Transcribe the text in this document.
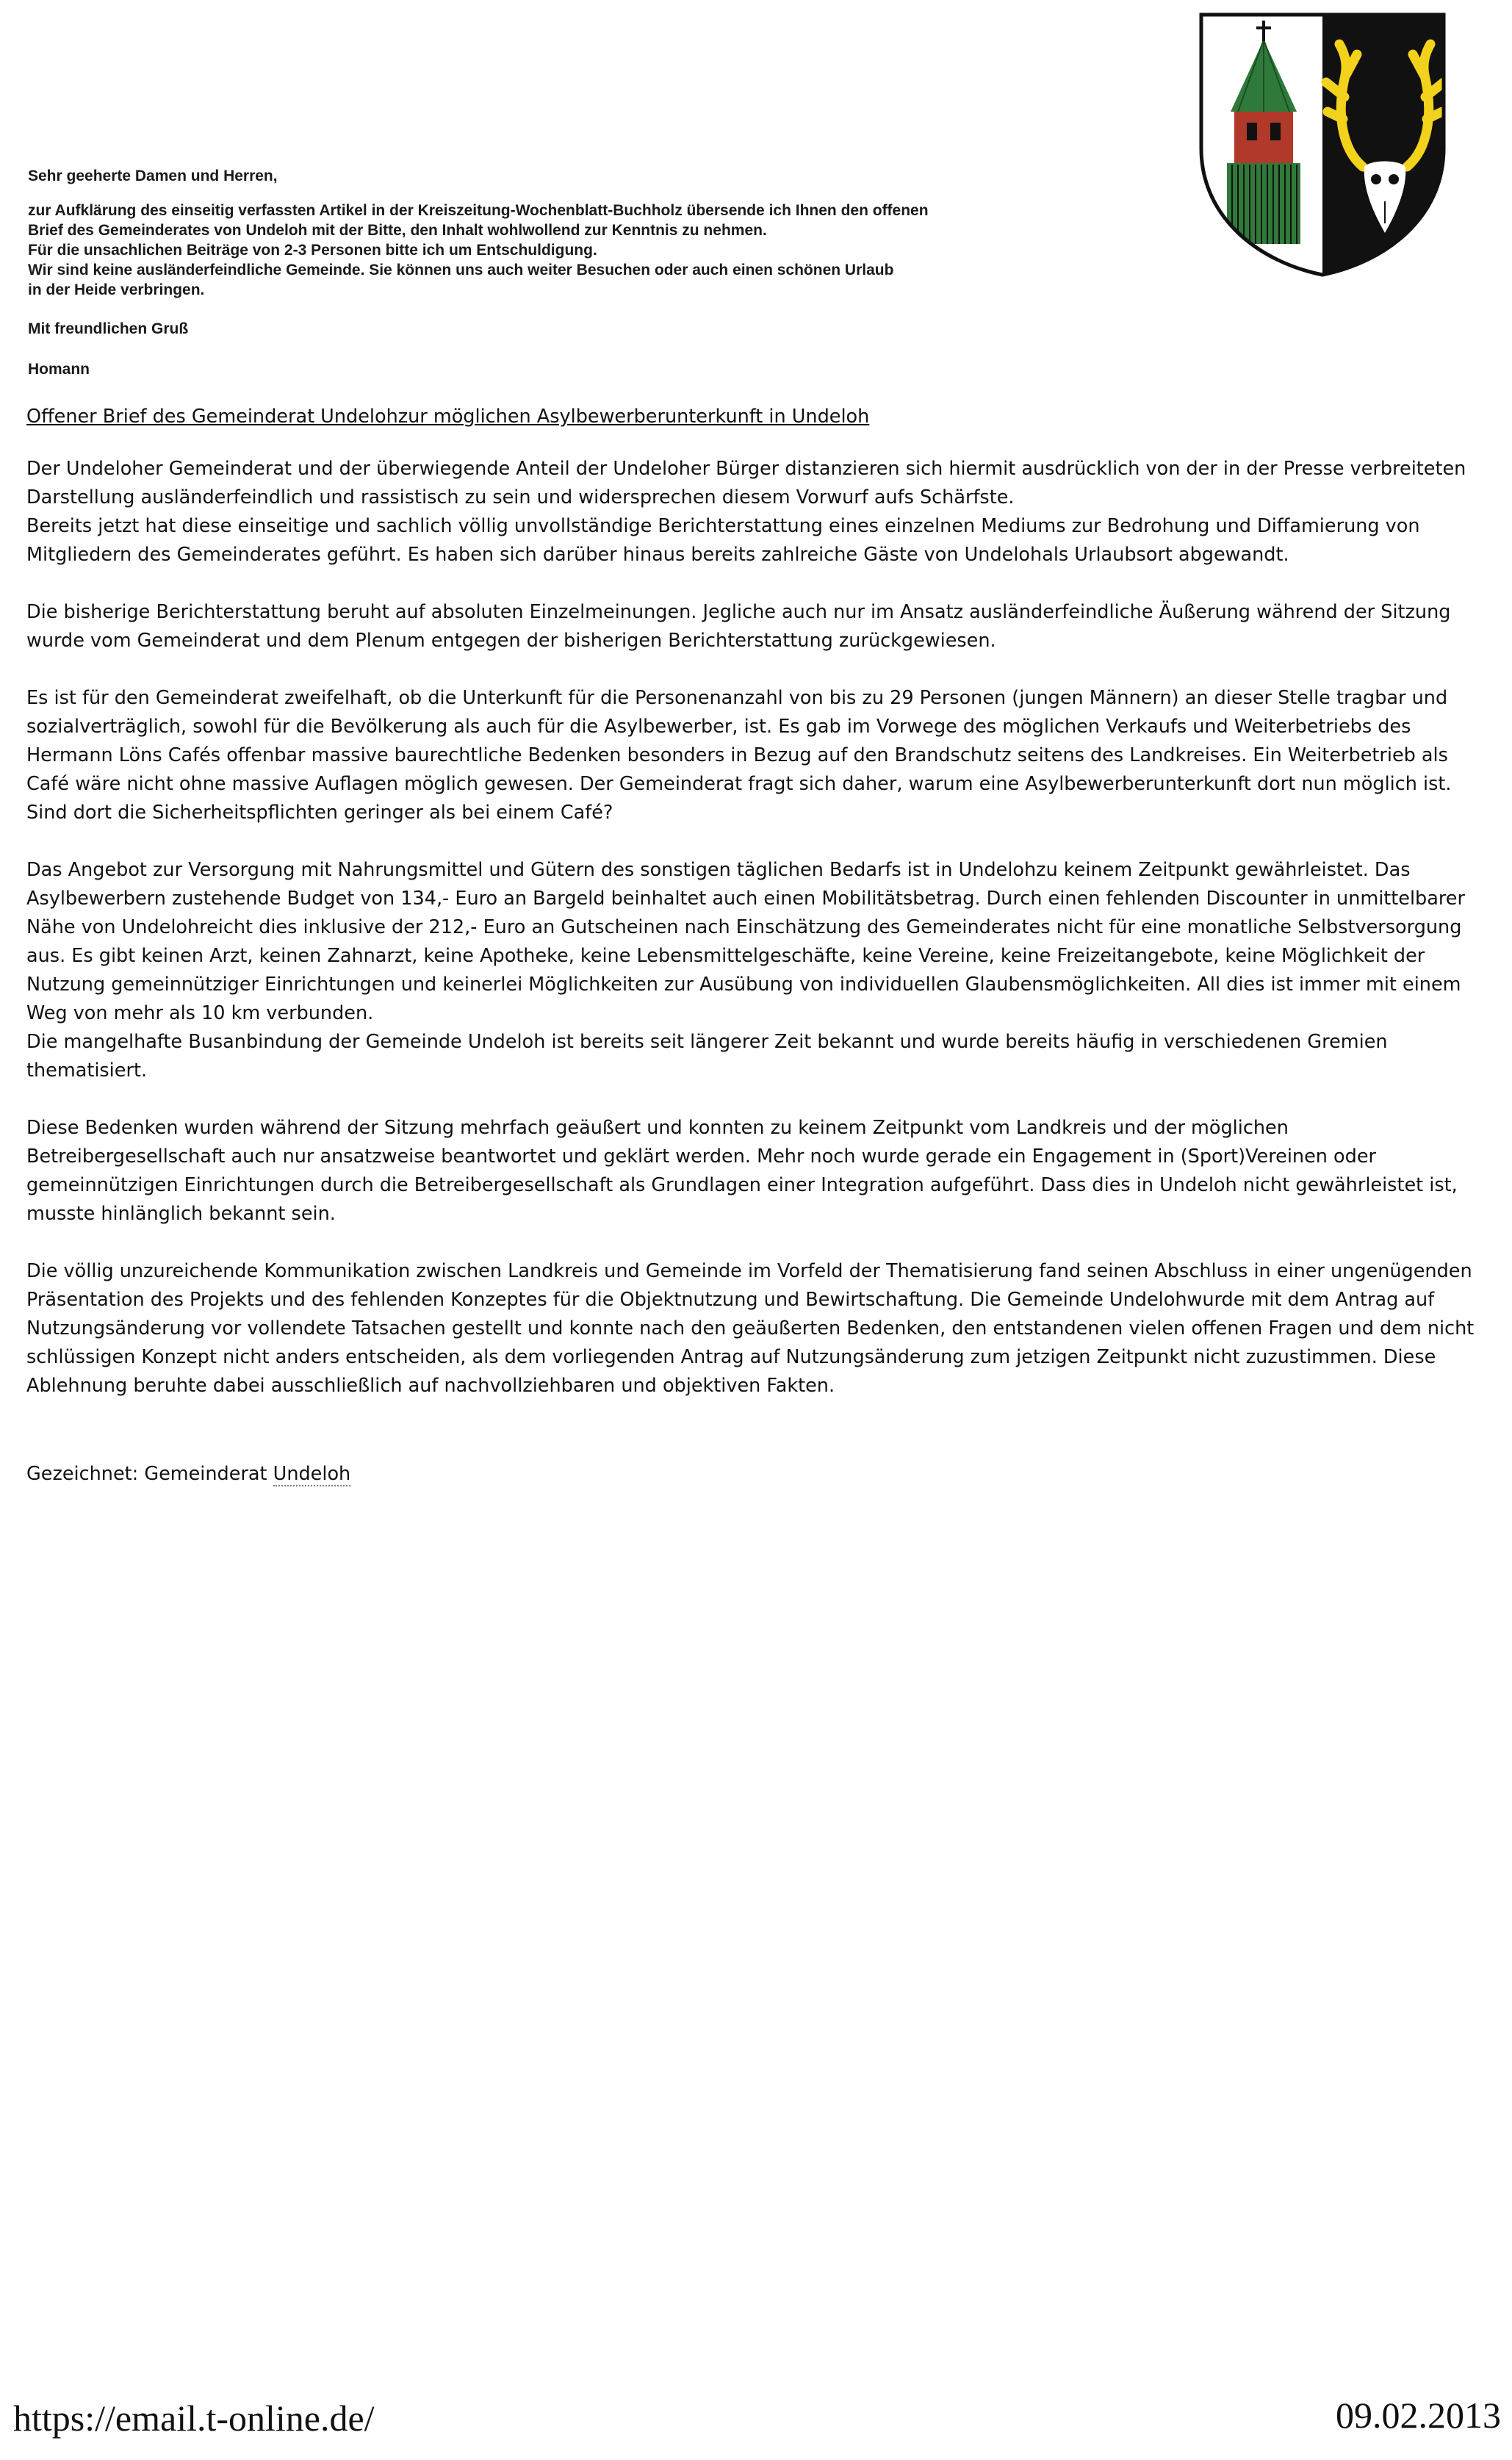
Sehr geeherte Damen und Herren,

zur Aufklärung des einseitig verfassten Artikel in der Kreiszeitung-Wochenblatt-Buchholz übersende ich Ihnen den offenen

Brief des Gemeinderates von Undeloh mit der Bitte, den Inhalt wohlwollend zur Kenntnis zu nehmen.

Für die unsachlichen Beiträge von 2-3 Personen bitte ich um Entschuldigung.

Wir sind keine ausländerfeindliche Gemeinde. Sie können uns auch weiter Besuchen oder auch einen schönen Urlaub

in der Heide verbringen.

Mit freundlichen Gruß

Homann

Offener Brief des Gemeinderat Undelohzur möglichen Asylbewerberunterkunft in Undeloh

Der Undeloher Gemeinderat und der überwiegende Anteil der Undeloher Bürger distanzieren sich hiermit ausdrücklich von der in der Presse verbreiteten Darstellung ausländerfeindlich und rassistisch zu sein und widersprechen diesem Vorwurf aufs Schärfste.

Bereits jetzt hat diese einseitige und sachlich völlig unvollständige Berichterstattung eines einzelnen Mediums zur Bedrohung und Diffamierung von Mitgliedern des Gemeinderates geführt. Es haben sich darüber hinaus bereits zahlreiche Gäste von Undelohals Urlaubsort abgewandt.

Die bisherige Berichterstattung beruht auf absoluten Einzelmeinungen. Jegliche auch nur im Ansatz ausländerfeindliche Äußerung während der Sitzung wurde vom Gemeinderat und dem Plenum entgegen der bisherigen Berichterstattung zurückgewiesen.

Es ist für den Gemeinderat zweifelhaft, ob die Unterkunft für die Personenanzahl von bis zu 29 Personen (jungen Männern) an dieser Stelle tragbar und sozialverträglich, sowohl für die Bevölkerung als auch für die Asylbewerber, ist. Es gab im Vorwege des möglichen Verkaufs und Weiterbetriebs des Hermann Löns Cafés offenbar massive baurechtliche Bedenken besonders in Bezug auf den Brandschutz seitens des Landkreises. Ein Weiterbetrieb als Café wäre nicht ohne massive Auflagen möglich gewesen. Der Gemeinderat fragt sich daher, warum eine Asylbewerberunterkunft dort nun möglich ist. Sind dort die Sicherheitspflichten geringer als bei einem Café?

Das Angebot zur Versorgung mit Nahrungsmittel und Gütern des sonstigen täglichen Bedarfs ist in Undelohzu keinem Zeitpunkt gewährleistet. Das Asylbewerbern zustehende Budget von 134,- Euro an Bargeld beinhaltet auch einen Mobilitätsbetrag. Durch einen fehlenden Discounter in unmittelbarer Nähe von Undelohreicht dies inklusive der 212,- Euro an Gutscheinen nach Einschätzung des Gemeinderates nicht für eine monatliche Selbstversorgung aus. Es gibt keinen Arzt, keinen Zahnarzt, keine Apotheke, keine Lebensmittelgeschäfte, keine Vereine, keine Freizeitangebote, keine Möglichkeit der Nutzung gemeinnütziger Einrichtungen und keinerlei Möglichkeiten zur Ausübung von individuellen Glaubensmöglichkeiten. All dies ist immer mit einem Weg von mehr als 10 km verbunden.

Die mangelhafte Busanbindung der Gemeinde Undeloh ist bereits seit längerer Zeit bekannt und wurde bereits häufig in verschiedenen Gremien thematisiert.

Diese Bedenken wurden während der Sitzung mehrfach geäußert und konnten zu keinem Zeitpunkt vom Landkreis und der möglichen Betreibergesellschaft auch nur ansatzweise beantwortet und geklärt werden. Mehr noch wurde gerade ein Engagement in (Sport)Vereinen oder gemeinnützigen Einrichtungen durch die Betreibergesellschaft als Grundlagen einer Integration aufgeführt. Dass dies in Undeloh nicht gewährleistet ist, musste hinlänglich bekannt sein.

Die völlig unzureichende Kommunikation zwischen Landkreis und Gemeinde im Vorfeld der Thematisierung fand seinen Abschluss in einer ungenügenden Präsentation des Projekts und des fehlenden Konzeptes für die Objektnutzung und Bewirtschaftung. Die Gemeinde Undelohwurde mit dem Antrag auf Nutzungsänderung vor vollendete Tatsachen gestellt und konnte nach den geäußerten Bedenken, den entstandenen vielen offenen Fragen und dem nicht schlüssigen Konzept nicht anders entscheiden, als dem vorliegenden Antrag auf Nutzungsänderung zum jetzigen Zeitpunkt nicht zuzustimmen. Diese Ablehnung beruhte dabei ausschließlich auf nachvollziehbaren und objektiven Fakten.

Gezeichnet: Gemeinderat Undeloh

https://email.t-online.de/	09.02.2013
